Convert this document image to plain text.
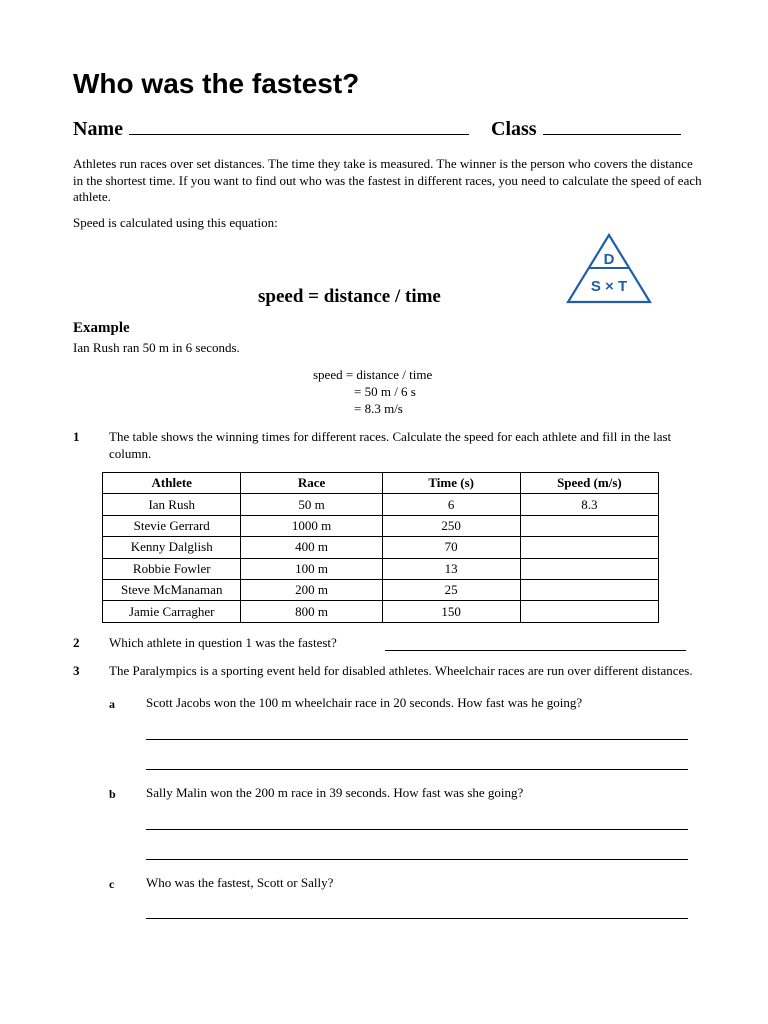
Who was the fastest?
Name	Class
Athletes run races over set distances. The time they take is measured. The winner is the person who covers the distance in the shortest time. If you want to find out who was the fastest in different races, you need to calculate the speed of each athlete.
Speed is calculated using this equation:
D
S × T
speed = distance / time
Example
Ian Rush ran 50 m in 6 seconds.
speed = distance / time
= 50 m / 6 s
= 8.3 m/s
1 The table shows the winning times for different races. Calculate the speed for each athlete and fill in the last column.
Athlete	Race	Time (s)	Speed (m/s)
Ian Rush	50 m	6	8.3
Stevie Gerrard	1000 m	250	
Kenny Dalglish	400 m	70	
Robbie Fowler	100 m	13	
Steve McManaman	200 m	25	
Jamie Carragher	800 m	150	
2 Which athlete in question 1 was the fastest?
3 The Paralympics is a sporting event held for disabled athletes. Wheelchair races are run over different distances.
a Scott Jacobs won the 100 m wheelchair race in 20 seconds. How fast was he going?
b Sally Malin won the 200 m race in 39 seconds. How fast was she going?
c Who was the fastest, Scott or Sally?
